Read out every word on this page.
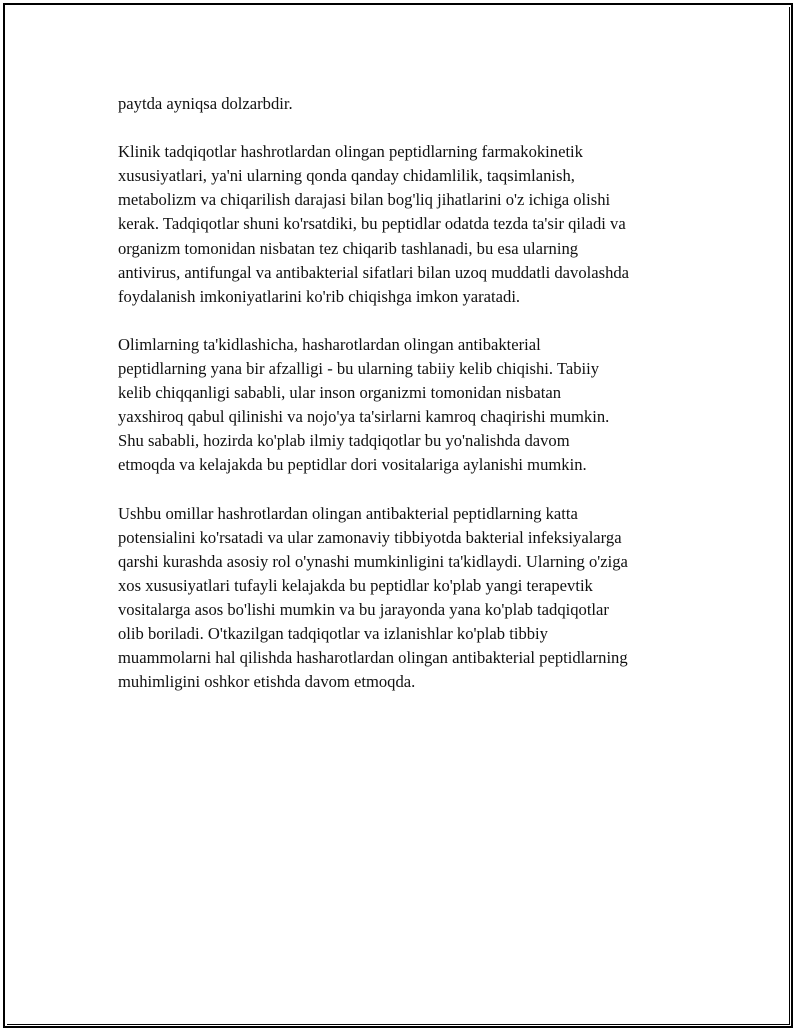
paytda ayniqsa dolzarbdir.

Klinik tadqiqotlar hashrotlardan olingan peptidlarning farmakokinetik
xususiyatlari, ya'ni ularning qonda qanday chidamlilik, taqsimlanish,
metabolizm va chiqarilish darajasi bilan bog'liq jihatlarini o'z ichiga olishi
kerak. Tadqiqotlar shuni ko'rsatdiki, bu peptidlar odatda tezda ta'sir qiladi va
organizm tomonidan nisbatan tez chiqarib tashlanadi, bu esa ularning
antivirus, antifungal va antibakterial sifatlari bilan uzoq muddatli davolashda
foydalanish imkoniyatlarini ko'rib chiqishga imkon yaratadi.

Olimlarning ta'kidlashicha, hasharotlardan olingan antibakterial
peptidlarning yana bir afzalligi - bu ularning tabiiy kelib chiqishi. Tabiiy
kelib chiqqanligi sababli, ular inson organizmi tomonidan nisbatan
yaxshiroq qabul qilinishi va nojo'ya ta'sirlarni kamroq chaqirishi mumkin.
Shu sababli, hozirda ko'plab ilmiy tadqiqotlar bu yo'nalishda davom
etmoqda va kelajakda bu peptidlar dori vositalariga aylanishi mumkin.

Ushbu omillar hashrotlardan olingan antibakterial peptidlarning katta
potensialini ko'rsatadi va ular zamonaviy tibbiyotda bakterial infeksiyalarga
qarshi kurashda asosiy rol o'ynashi mumkinligini ta'kidlaydi. Ularning o'ziga
xos xususiyatlari tufayli kelajakda bu peptidlar ko'plab yangi terapevtik
vositalarga asos bo'lishi mumkin va bu jarayonda yana ko'plab tadqiqotlar
olib boriladi. O'tkazilgan tadqiqotlar va izlanishlar ko'plab tibbiy
muammolarni hal qilishda hasharotlardan olingan antibakterial peptidlarning
muhimligini oshkor etishda davom etmoqda.
